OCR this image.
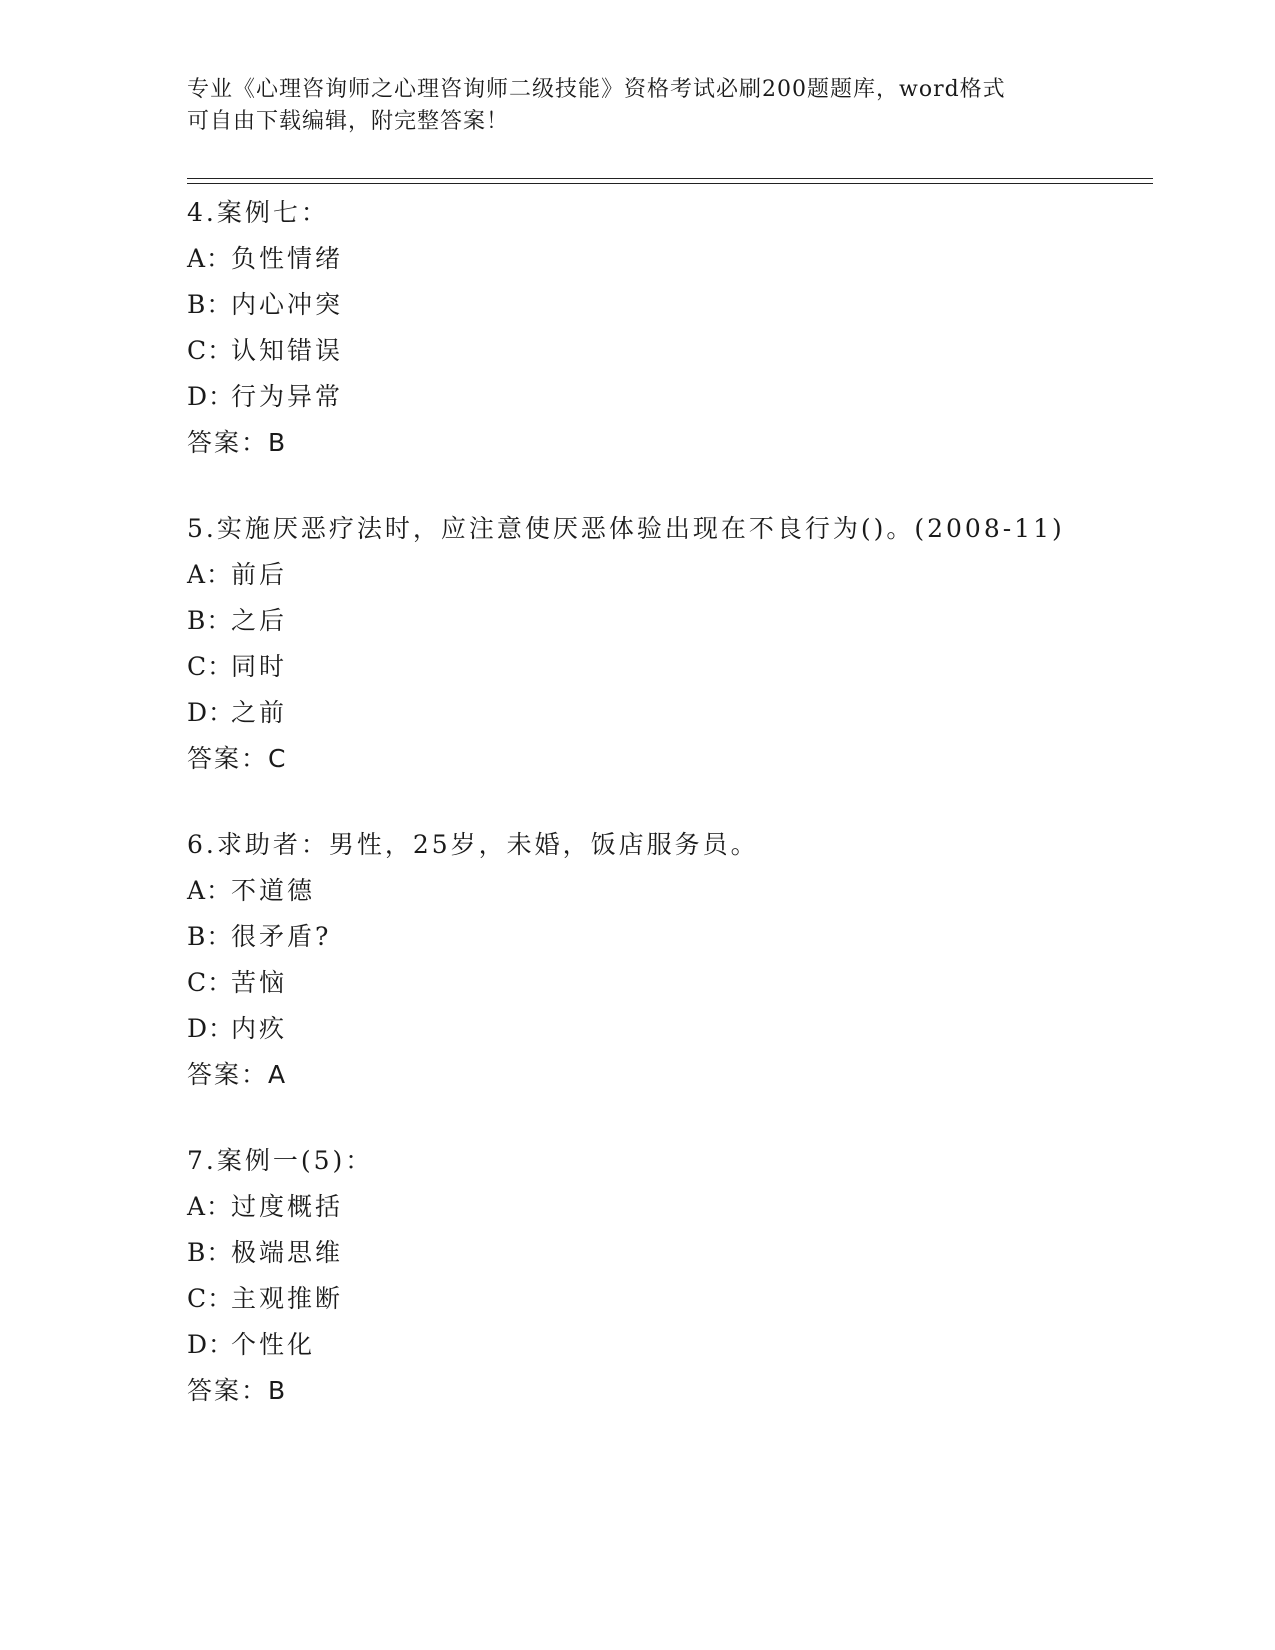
专业《心理咨询师之心理咨询师二级技能》资格考试必刷200题题库，word格式
可自由下载编辑，附完整答案！
4.案例七：
A：负性情绪
B：内心冲突
C：认知错误
D：行为异常
答案：B
5.实施厌恶疗法时，应注意使厌恶体验出现在不良行为()。(2008-11)
A：前后
B：之后
C：同时
D：之前
答案：C
6.求助者：男性，25岁，未婚，饭店服务员。
A：不道德
B：很矛盾?
C：苦恼
D：内疚
答案：A
7.案例一(5)：
A：过度概括
B：极端思维
C：主观推断
D：个性化
答案：B
